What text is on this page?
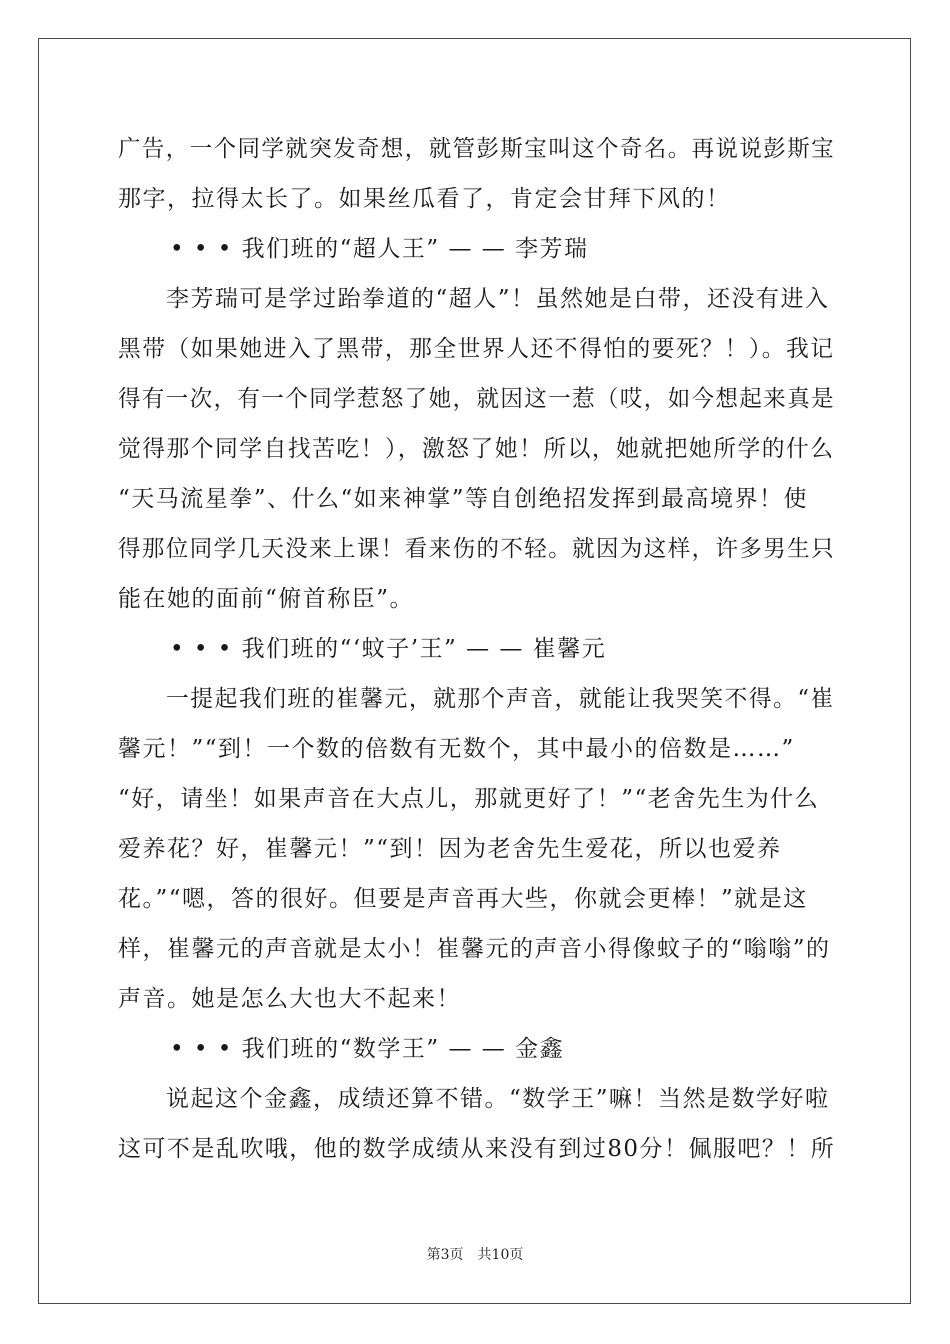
广告，一个同学就突发奇想，就管彭斯宝叫这个奇名。再说说彭斯宝
那字，拉得太长了。如果丝瓜看了，肯定会甘拜下风的！
• • • 我们班的“超人王” — — 李芳瑞
李芳瑞可是学过跆拳道的“超人”！虽然她是白带，还没有进入
黑带（如果她进入了黑带，那全世界人还不得怕的要死？！）。我记
得有一次，有一个同学惹怒了她，就因这一惹（哎，如今想起来真是
觉得那个同学自找苦吃！），激怒了她！所以，她就把她所学的什么
“天马流星拳”、什么“如来神掌”等自创绝招发挥到最高境界！使
得那位同学几天没来上课！看来伤的不轻。就因为这样，许多男生只
能在她的面前“俯首称臣”。
• • • 我们班的“‘蚊子’王” — — 崔馨元
一提起我们班的崔馨元，就那个声音，就能让我哭笑不得。“崔
馨元！”“到！一个数的倍数有无数个，其中最小的倍数是……”
“好，请坐！如果声音在大点儿，那就更好了！”“老舍先生为什么
爱养花？好，崔馨元！”“到！因为老舍先生爱花，所以也爱养
花。”“嗯，答的很好。但要是声音再大些，你就会更棒！”就是这
样，崔馨元的声音就是太小！崔馨元的声音小得像蚊子的“嗡嗡”的
声音。她是怎么大也大不起来！
• • • 我们班的“数学王” — — 金鑫
说起这个金鑫，成绩还算不错。“数学王”嘛！当然是数学好啦
这可不是乱吹哦，他的数学成绩从来没有到过80分！佩服吧？！所
第3页　共10页
